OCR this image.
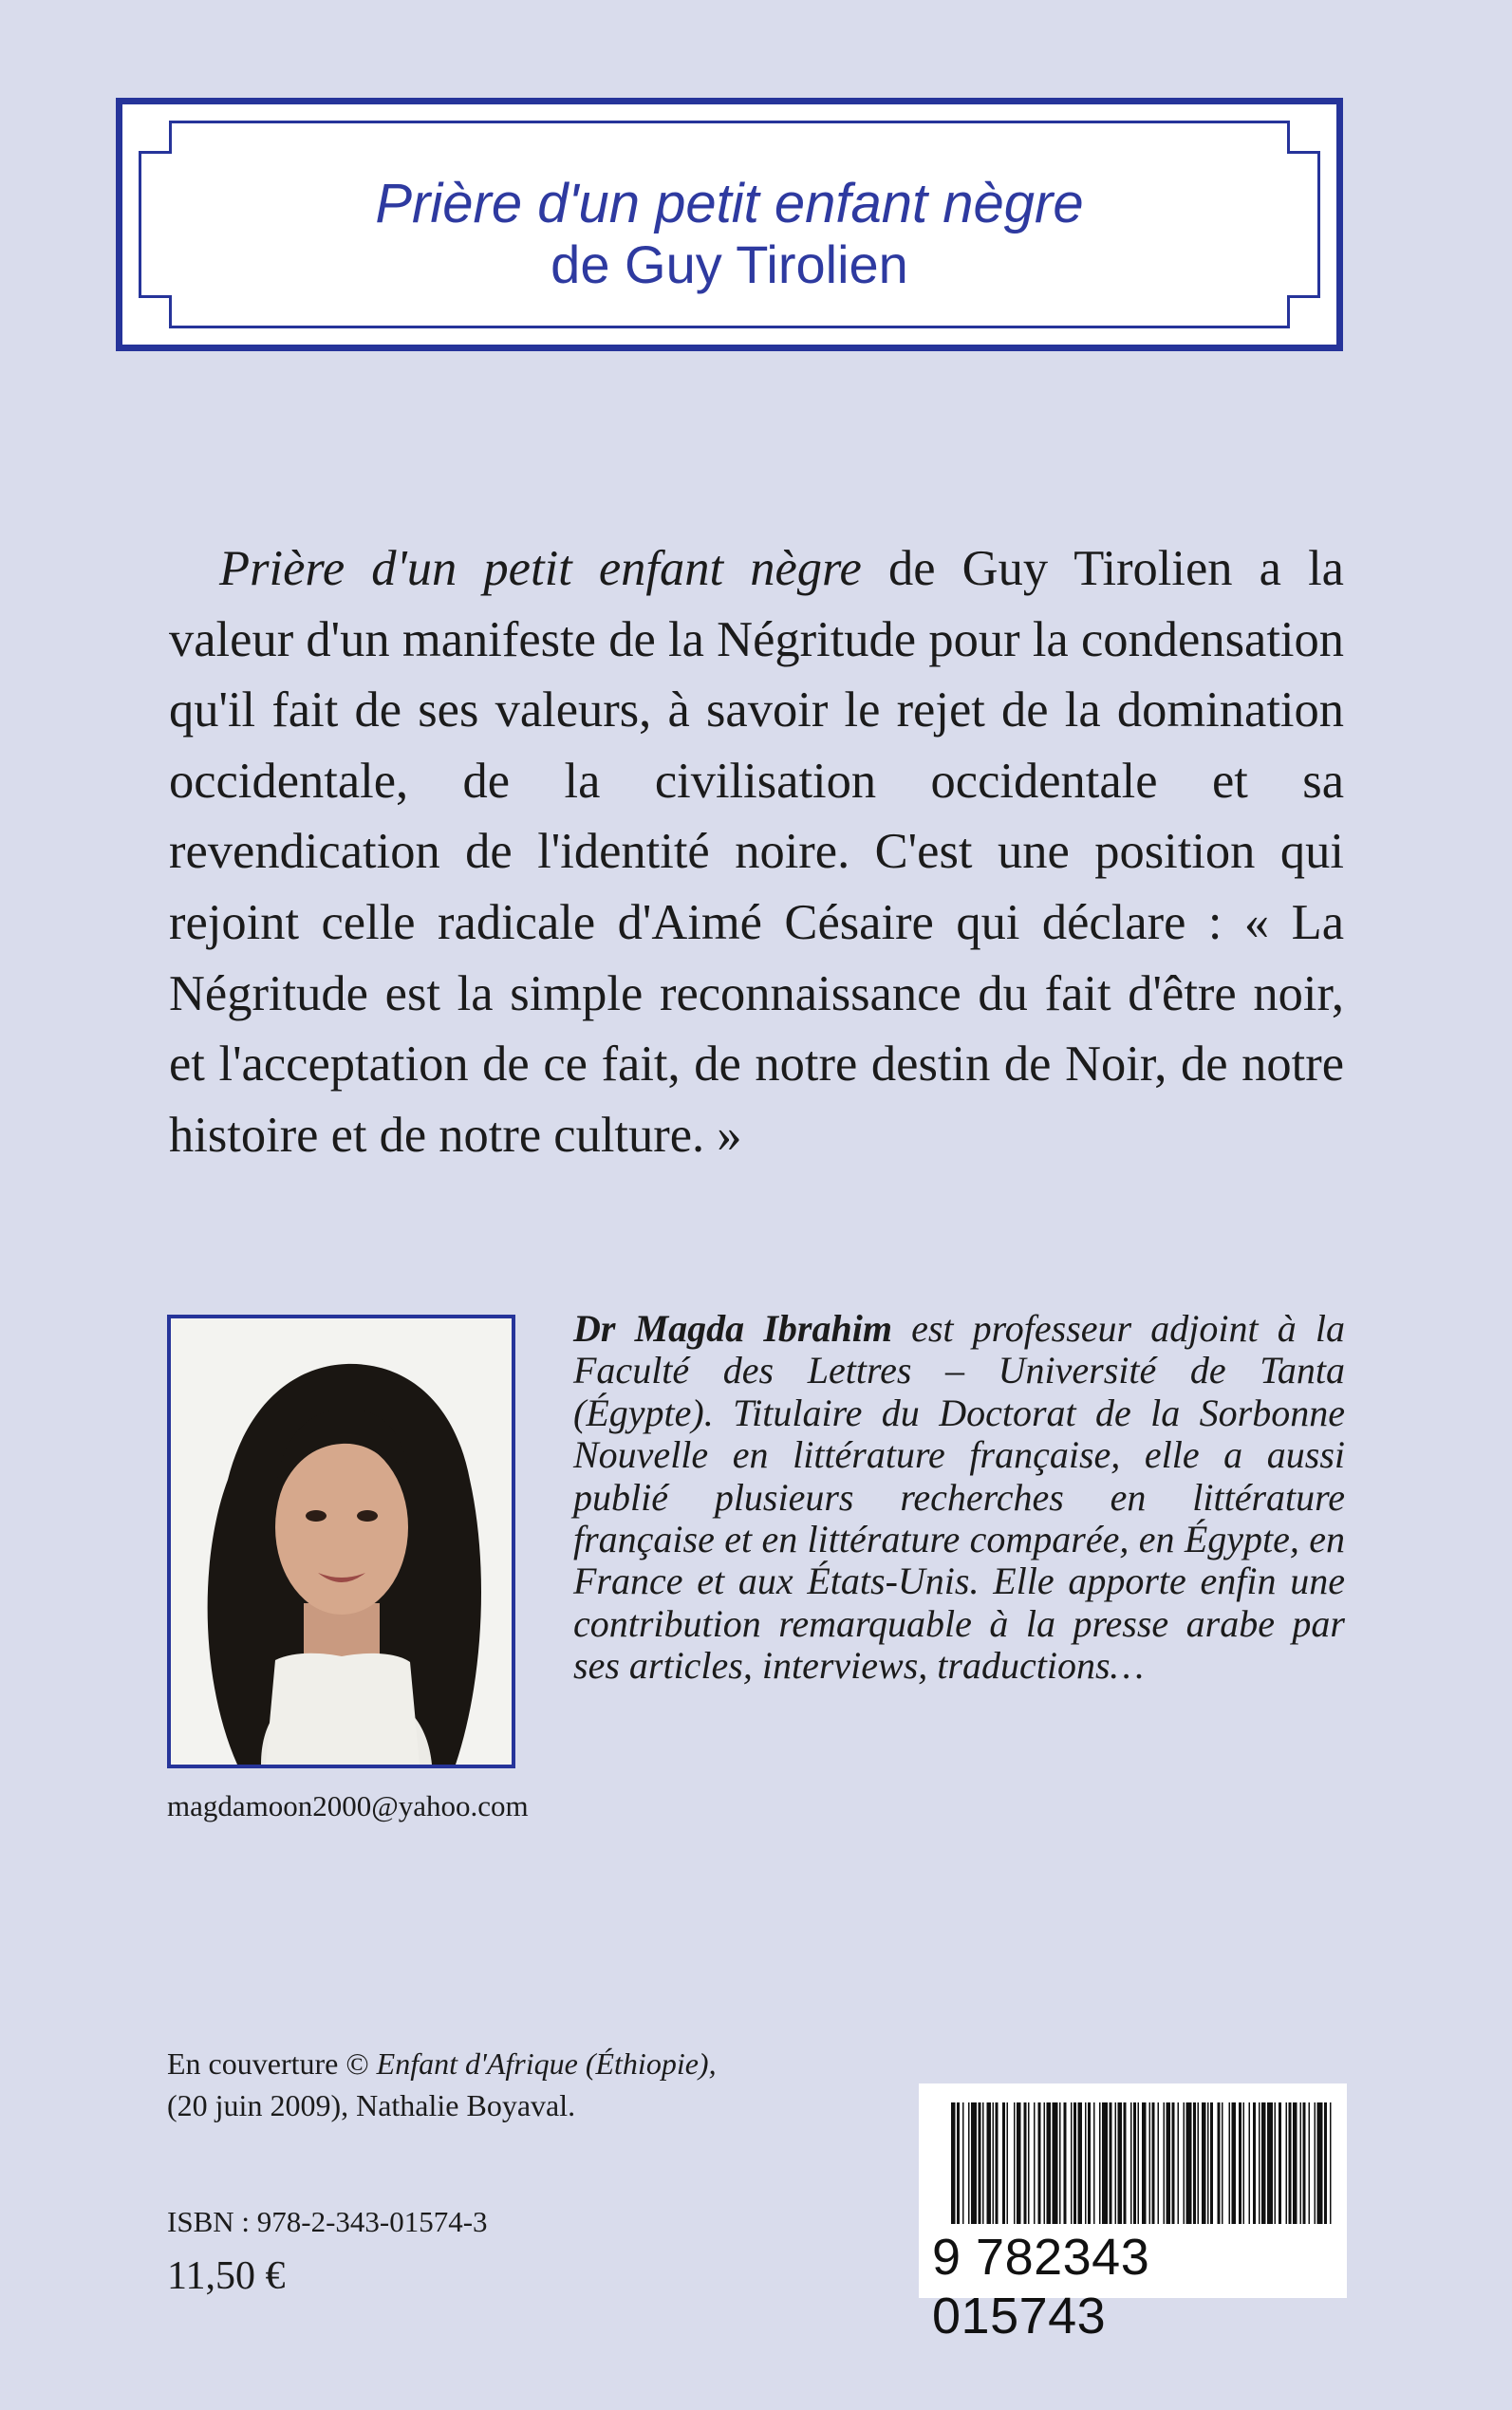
Prière d'un petit enfant nègre
de Guy Tirolien

Prière d'un petit enfant nègre de Guy Tirolien a la valeur d'un manifeste de la Négritude pour la condensation qu'il fait de ses valeurs, à savoir le rejet de la domination occidentale, de la civilisation occidentale et sa revendication de l'identité noire. C'est une position qui rejoint celle radicale d'Aimé Césaire qui déclare : « La Négritude est la simple reconnaissance du fait d'être noir, et l'acceptation de ce fait, de notre destin de Noir, de notre histoire et de notre culture. »

magdamoon2000@yahoo.com

Dr Magda Ibrahim est professeur adjoint à la Faculté des Lettres – Université de Tanta (Égypte). Titulaire du Doctorat de la Sorbonne Nouvelle en littérature française, elle a aussi publié plusieurs recherches en littérature française et en littérature comparée, en Égypte, en France et aux États-Unis. Elle apporte enfin une contribution remarquable à la presse arabe par ses articles, interviews, traductions…

En couverture © Enfant d'Afrique (Éthiopie),
(20 juin 2009), Nathalie Boyaval.
ISBN : 978-2-343-01574-3
11,50 €	9 782343 015743
